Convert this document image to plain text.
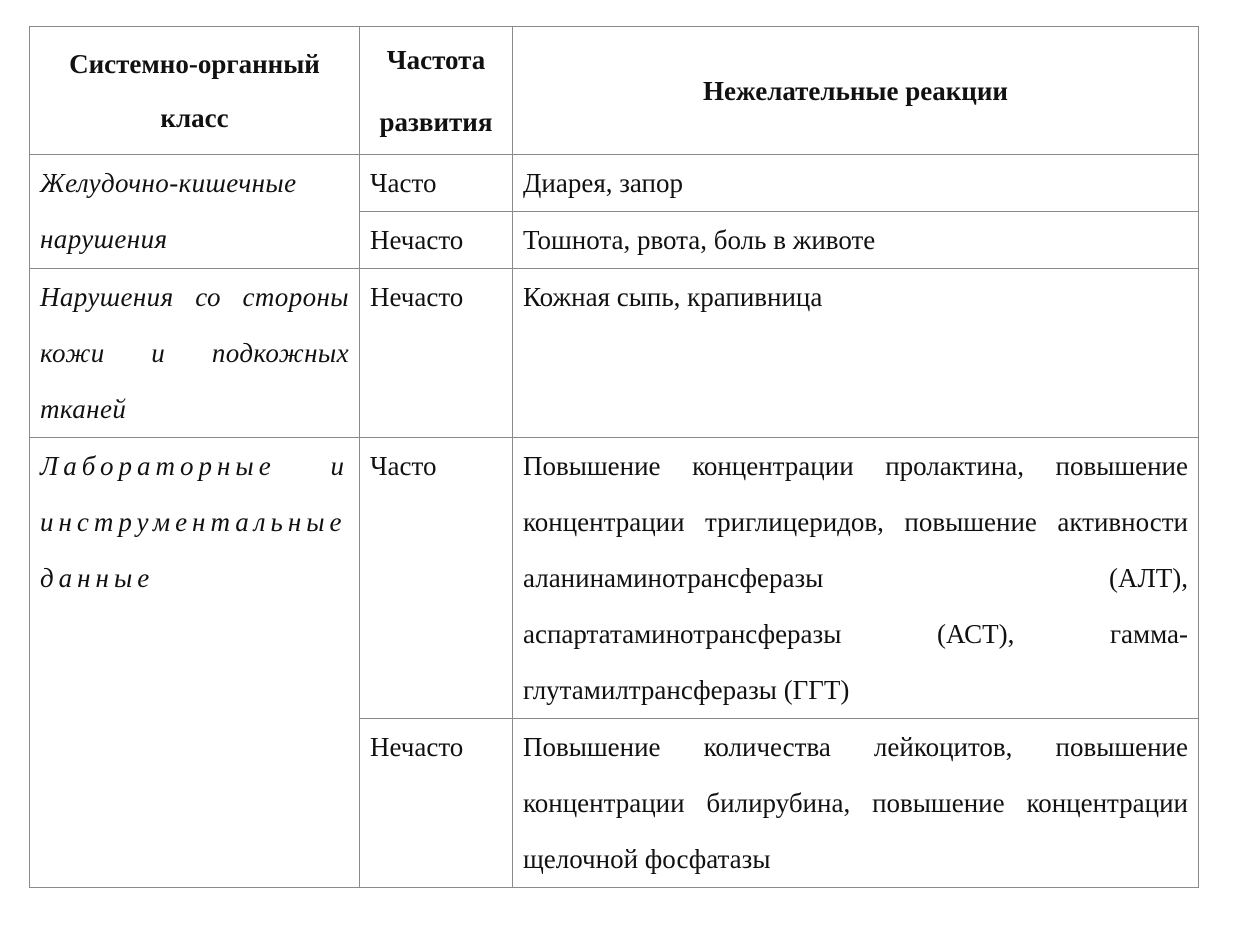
Системно-органный класс	Частота развития	Нежелательные реакции
Желудочно-кишечные нарушения	Часто	Диарея, запор
	Нечасто	Тошнота, рвота, боль в животе
Нарушения со стороны кожи и подкожных тканей	Нечасто	Кожная сыпь, крапивница
Лабораторные и инструментальные данные	Часто	Повышение концентрации пролактина, повышение концентрации триглицеридов, повышение активности аланинаминотрансферазы (АЛТ), аспартатаминотрансферазы (АСТ), гамма-глутамилтрансферазы (ГГТ)
	Нечасто	Повышение количества лейкоцитов, повышение концентрации билирубина, повышение концентрации щелочной фосфатазы
